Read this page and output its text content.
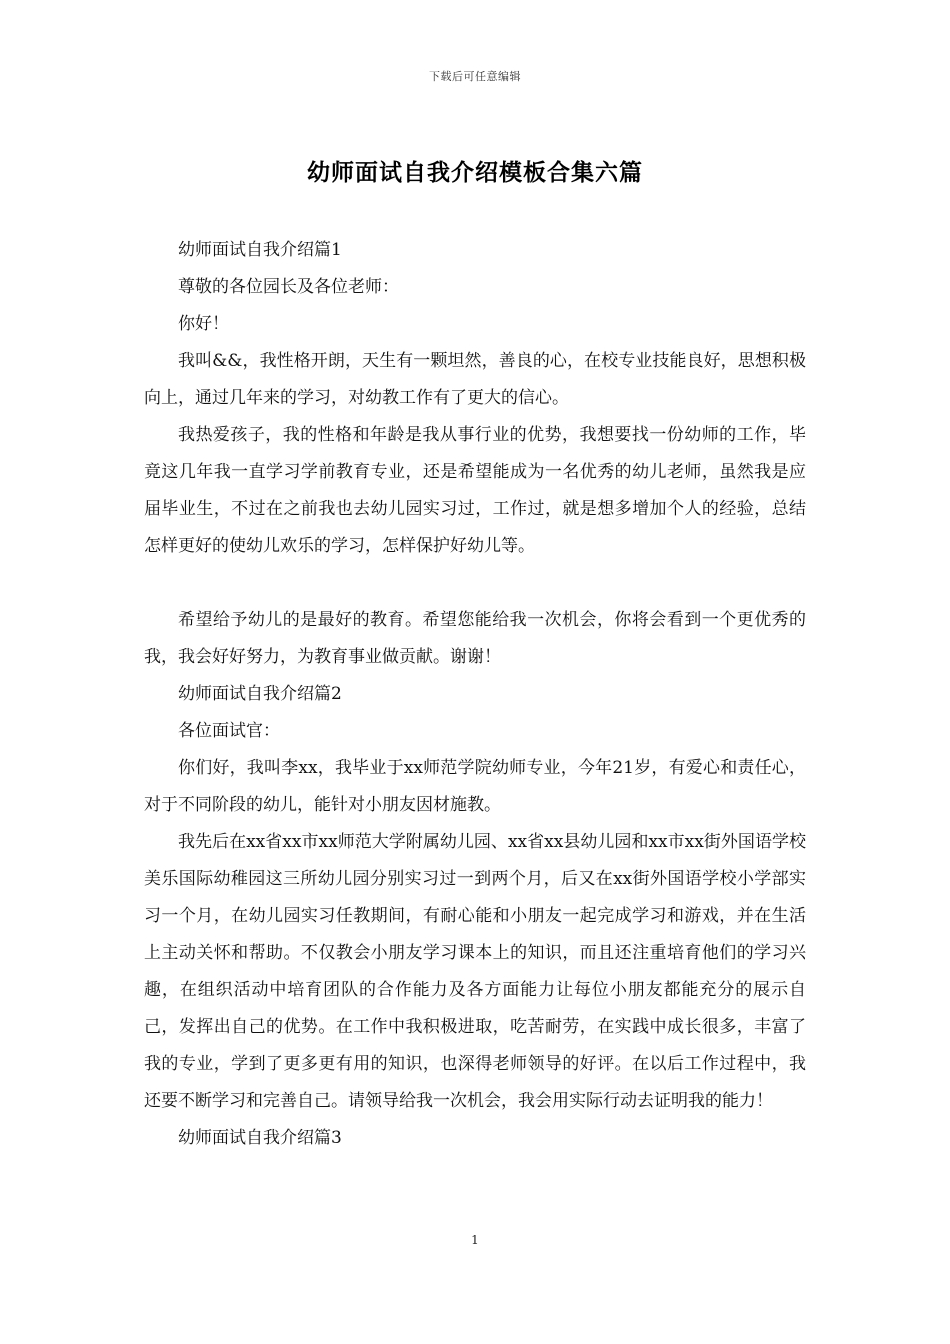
下载后可任意编辑
幼师面试自我介绍模板合集六篇

幼师面试自我介绍篇1

尊敬的各位园长及各位老师：

你好！

我叫&&，我性格开朗，天生有一颗坦然，善良的心，在校专业技能良好，思想积极向上，通过几年来的学习，对幼教工作有了更大的信心。

我热爱孩子，我的性格和年龄是我从事行业的优势，我想要找一份幼师的工作，毕竟这几年我一直学习学前教育专业，还是希望能成为一名优秀的幼儿老师，虽然我是应届毕业生，不过在之前我也去幼儿园实习过，工作过，就是想多增加个人的经验，总结怎样更好的使幼儿欢乐的学习，怎样保护好幼儿等。

希望给予幼儿的是最好的教育。希望您能给我一次机会，你将会看到一个更优秀的我，我会好好努力，为教育事业做贡献。谢谢！

幼师面试自我介绍篇2

各位面试官：

你们好，我叫李xx，我毕业于xx师范学院幼师专业，今年21岁，有爱心和责任心，对于不同阶段的幼儿，能针对小朋友因材施教。

我先后在xx省xx市xx师范大学附属幼儿园、xx省xx县幼儿园和xx市xx街外国语学校美乐国际幼稚园这三所幼儿园分别实习过一到两个月，后又在xx街外国语学校小学部实习一个月，在幼儿园实习任教期间，有耐心能和小朋友一起完成学习和游戏，并在生活上主动关怀和帮助。不仅教会小朋友学习课本上的知识，而且还注重培育他们的学习兴趣，在组织活动中培育团队的合作能力及各方面能力让每位小朋友都能充分的展示自己，发挥出自己的优势。在工作中我积极进取，吃苦耐劳，在实践中成长很多，丰富了我的专业，学到了更多更有用的知识，也深得老师领导的好评。在以后工作过程中，我还要不断学习和完善自己。请领导给我一次机会，我会用实际行动去证明我的能力！

幼师面试自我介绍篇3

1
